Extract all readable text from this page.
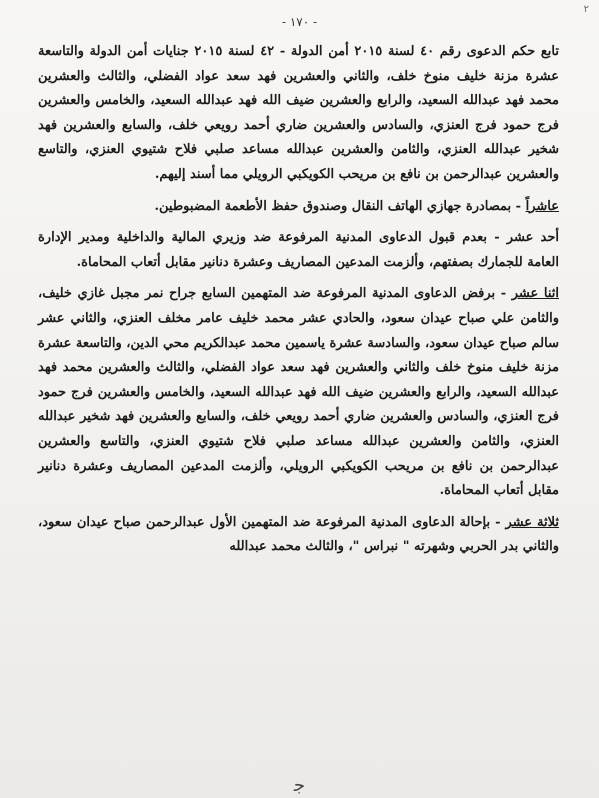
٢
- ١٧٠ -

تابع حكم الدعوى رقم ٤٠ لسنة ٢٠١٥ أمن الدولة - ٤٢ لسنة ٢٠١٥ جنايات أمن الدولة والتاسعة عشرة مزنة خليف منوخ خلف، والثاني والعشرين فهد سعد عواد الفضلي، والثالث والعشرين محمد فهد عبدالله السعيد، والرابع والعشرين ضيف الله فهد عبدالله السعيد، والخامس والعشرين فرج حمود فرج العنزي، والسادس والعشرين ضاري أحمد رويعي خلف، والسابع والعشرين فهد شخير عبدالله العنزي، والثامن والعشرين عبدالله مساعد صلبي فلاح شتيوي العنزي، والتاسع والعشرين عبدالرحمن بن نافع بن مريحب الكويكبي الرويلي مما أسند إليهم.

عاشراً - بمصادرة جهازي الهاتف النقال وصندوق حفظ الأطعمة المضبوطين.

أحد عشر - بعدم قبول الدعاوى المدنية المرفوعة ضد وزيري المالية والداخلية ومدير الإدارة العامة للجمارك بصفتهم، وألزمت المدعين المصاريف وعشرة دنانير مقابل أتعاب المحاماة.

اثنا عشر - برفض الدعاوى المدنية المرفوعة ضد المتهمين السابع جراح نمر مجبل غازي خليف، والثامن علي صباح عيدان سعود، والحادي عشر محمد خليف عامر مخلف العنزي، والثاني عشر سالم صباح عيدان سعود، والسادسة عشرة ياسمين محمد عبدالكريم محي الدين، والتاسعة عشرة مزنة خليف منوخ خلف والثاني والعشرين فهد سعد عواد الفضلي، والثالث والعشرين محمد فهد عبدالله السعيد، والرابع والعشرين ضيف الله فهد عبدالله السعيد، والخامس والعشرين فرج حمود فرج العنزي، والسادس والعشرين ضاري أحمد رويعي خلف، والسابع والعشرين فهد شخير عبدالله العنزي، والثامن والعشرين عبدالله مساعد صلبي فلاح شتيوي العنزي، والتاسع والعشرين عبدالرحمن بن نافع بن مريحب الكويكبي الرويلي، وألزمت المدعين المصاريف وعشرة دنانير مقابل أتعاب المحاماة.

ثلاثة عشر - بإحالة الدعاوى المدنية المرفوعة ضد المتهمين الأول عبدالرحمن صباح عيدان سعود، والثاني بدر الحربي وشهرته " نبراس "، والثالث محمد عبدالله

ﺟ
